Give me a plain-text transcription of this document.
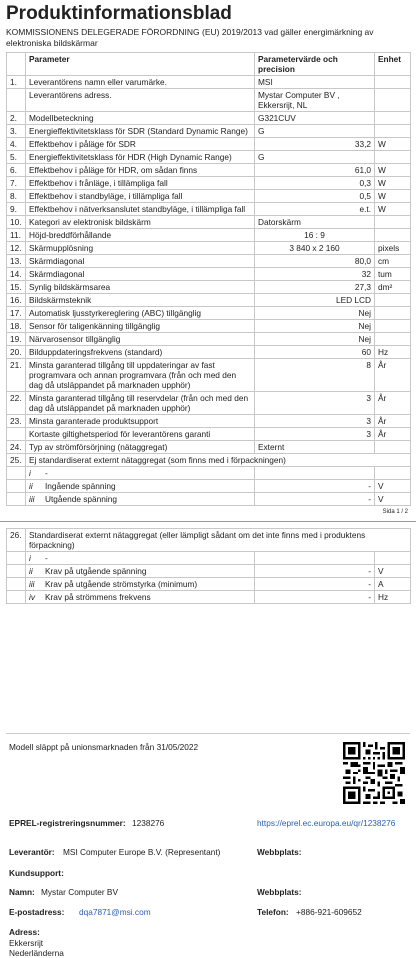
Produktinformationsblad
KOMMISSIONENS DELEGERADE FÖRORDNING (EU) 2019/2013 vad gäller energimärkning av elektroniska bildskärmar
	Parameter	Parametervärde och precision	Enhet
1.	Leverantörens namn eller varumärke.	MSI	
	Leverantörens adress.	Mystar Computer BV , Ekkersrijt, NL	
2.	Modellbeteckning	G321CUV	
3.	Energieffektivitetsklass för SDR (Standard Dynamic Range)	G	
4.	Effektbehov i påläge för SDR	33,2	W
5.	Energieffektivitetsklass för HDR (High Dynamic Range)	G	
6.	Effektbehov i påläge för HDR, om sådan finns	61,0	W
7.	Effektbehov i frånläge, i tillämpliga fall	0,3	W
8.	Effektbehov i standbyläge, i tillämpliga fall	0,5	W
9.	Effektbehov i nätverksanslutet standbyläge, i tillämpliga fall	e.t.	W
10.	Kategori av elektronisk bildskärm	Datorskärm	
11.	Höjd-breddförhållande	16 : 9	
12.	Skärmupplösning	3 840 x 2 160	pixels
13.	Skärmdiagonal	80,0	cm
14.	Skärmdiagonal	32	tum
15.	Synlig bildskärmsarea	27,3	dm²
16.	Bildskärmsteknik	LED LCD	
17.	Automatisk ljusstyrkereglering (ABC) tillgänglig	Nej	
18.	Sensor för taligenkänning tillgänglig	Nej	
19.	Närvarosensor tillgänglig	Nej	
20.	Bilduppdateringsfrekvens (standard)	60	Hz
21.	Minsta garanterad tillgång till uppdateringar av fast programvara och annan programvara (från och med den dag då utsläppandet på marknaden upphör)	8	År
22.	Minsta garanterad tillgång till reservdelar (från och med den dag då utsläppandet på marknaden upphör)	3	År
23.	Minsta garanterade produktsupport	3	År
	Kortaste giltighetsperiod för leverantörens garanti	3	År
24.	Typ av strömförsörjning (nätaggregat)	Externt	
25.	Ej standardiserat externt nätaggregat (som finns med i förpackningen)		
	i -		
	ii Ingående spänning	-	V
	iii Utgående spänning	-	V
Sida 1 / 2
26.	Standardiserat externt nätaggregat (eller lämpligt sådant om det inte finns med i produktens förpackning)		
	i -		
	ii Krav på utgående spänning	-	V
	iii Krav på utgående strömstyrka (minimum)	-	A
	iv Krav på strömmens frekvens	-	Hz
Modell släppt på unionsmarknaden från 31/05/2022
EPREL-registreringsnummer: 1238276	https://eprel.ec.europa.eu/qr/1238276
Leverantör: MSI Computer Europe B.V. (Representant)	Webbplats:
Kundsupport:
Namn: Mystar Computer BV	Webbplats:
E-postadress: dqa7871@msi.com	Telefon: +886-921-609652
Adress:
Ekkersrijt
Nederländerna
